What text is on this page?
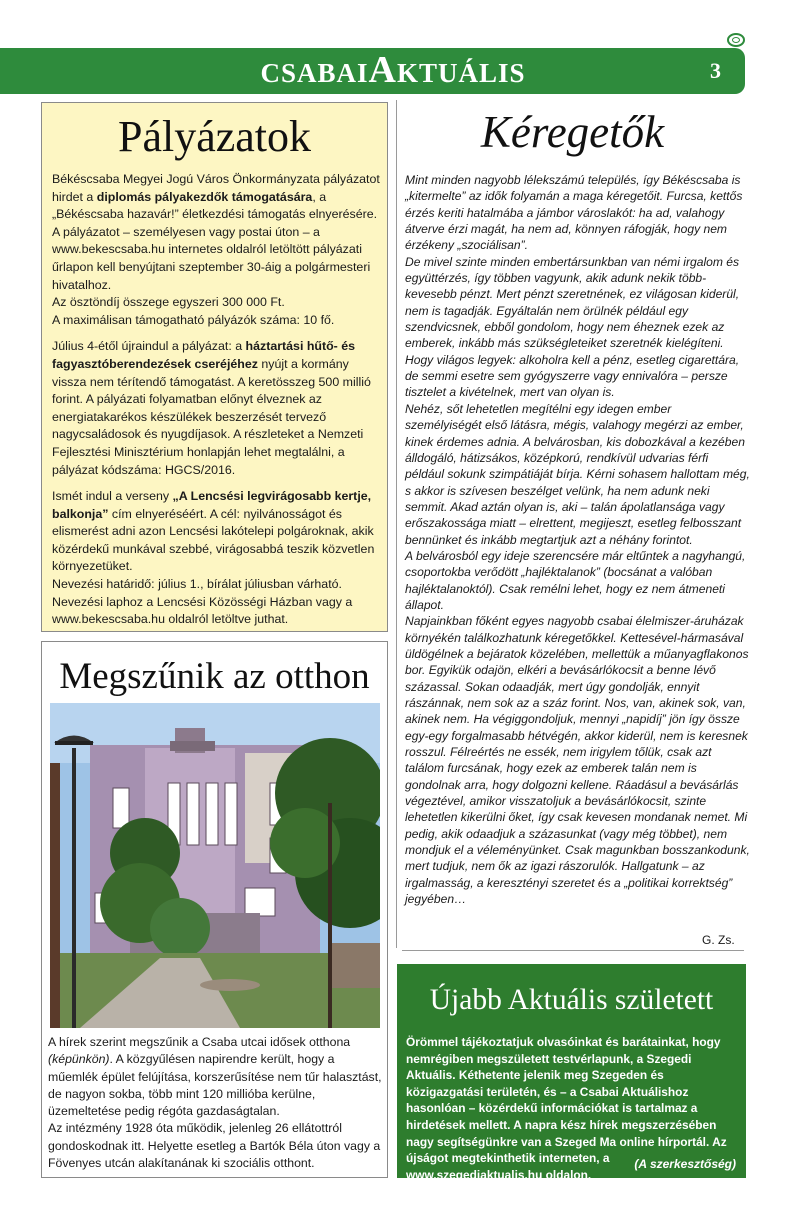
CSABAIAKTUÁLIS	3
Pályázatok

Békéscsaba Megyei Jogú Város Önkormányzata pályázatot hirdet a diplomás pályakezdők támogatására, a „Békéscsaba hazavár!” életkezdési támogatás elnyerésére. A pályázatot – személyesen vagy postai úton – a www.bekescsaba.hu internetes oldalról letöltött pályázati űrlapon kell benyújtani szeptember 30-áig a polgármesteri hivatalhoz.
Az ösztöndíj összege egyszeri 300 000 Ft.
A maximálisan támogatható pályázók száma: 10 fő.

Július 4-étől újraindul a pályázat: a háztartási hűtő- és fagyasztóberendezések cseréjéhez nyújt a kormány vissza nem térítendő támogatást. A keretösszeg 500 millió forint. A pályázati folyamatban előnyt élveznek az energiatakarékos készülékek beszerzését tervező nagycsaládosok és nyugdíjasok. A részleteket a Nemzeti Fejlesztési Minisztérium honlapján lehet megtalálni, a pályázat kódszáma: HGCS/2016.

Ismét indul a verseny „A Lencsési legvirágosabb kertje, balkonja” cím elnyeréséért. A cél: nyilvánosságot és elismerést adni azon Lencsési lakótelepi polgároknak, akik közérdekű munkával szebbé, virágosabbá teszik közvetlen környezetüket.
Nevezési határidő: július 1., bírálat júliusban várható. Nevezési laphoz a Lencsési Közösségi Házban vagy a www.bekescsaba.hu oldalról letöltve juthat.

Megszűnik az otthon
A hírek szerint megszűnik a Csaba utcai idősek otthona (képünkön). A közgyűlésen napirendre került, hogy a műemlék épület felújítása, korszerűsítése nem tűr halasztást, de nagyon sokba, több mint 120 millióba kerülne, üzemeltetése pedig régóta gazdaságtalan.
Az intézmény 1928 óta működik, jelenleg 26 ellátottról gondoskodnak itt. Helyette esetleg a Bartók Béla úton vagy a Fövenyes utcán alakítanának ki szociális otthont.
Kéregetők

Mint minden nagyobb lélekszámú település, így Békéscsaba is „kitermelte” az idők folyamán a maga kéregetőit. Furcsa, kettős érzés keriti hatalmába a jámbor városlakót: ha ad, valahogy átverve érzi magát, ha nem ad, könnyen ráfogják, hogy nem érzékeny „szociálisan”.

De mivel szinte minden embertársunkban van némi irgalom és együttérzés, így többen vagyunk, akik adunk nekik több-kevesebb pénzt. Mert pénzt szeretnének, ez világosan kiderül, nem is tagadják. Egyáltalán nem örülnék például egy szendvicsnek, ebből gondolom, hogy nem éheznek ezek az emberek, inkább más szükségleteiket szeretnék kielégíteni. Hogy világos legyek: alkoholra kell a pénz, esetleg cigarettára, de semmi esetre sem gyógyszerre vagy ennivalóra – persze tisztelet a kivételnek, mert van olyan is.

Nehéz, sőt lehetetlen megítélni egy idegen ember személyiségét első látásra, mégis, valahogy megérzi az ember, kinek érdemes adnia. A belvárosban, kis dobozkával a kezében álldogáló, hátizsákos, középkorú, rendkívül udvarias férfi például sokunk szimpátiáját bírja. Kérni sohasem hallottam még, s akkor is szívesen beszélget velünk, ha nem adunk neki semmit. Akad aztán olyan is, aki – talán ápolatlansága vagy erőszakossága miatt – elrettent, megijeszt, esetleg felbosszant bennünket és inkább megtartjuk azt a néhány forintot.

A belvárosból egy ideje szerencsére már eltűntek a nagyhangú, csoportokba verődött „hajléktalanok” (bocsánat a valóban hajléktalanoktól). Csak remélni lehet, hogy ez nem átmeneti állapot.

Napjainkban főként egyes nagyobb csabai élelmiszer-áruházak környékén találkozhatunk kéregetőkkel. Kettesével-hármasával üldögélnek a bejáratok közelében, mellettük a műanyagflakonos bor. Egyikük odajön, elkéri a bevásárlókocsit a benne lévő százassal. Sokan odaadják, mert úgy gondolják, ennyit rászánnak, nem sok az a száz forint. Nos, van, akinek sok, van, akinek nem. Ha végiggondoljuk, mennyi „napidíj” jön így össze egy-egy forgalmasabb hétvégén, akkor kiderül, nem is keresnek rosszul. Félreértés ne essék, nem irigylem tőlük, csak azt találom furcsának, hogy ezek az emberek talán nem is gondolnak arra, hogy dolgozni kellene. Ráadásul a bevásárlás végeztével, amikor visszatoljuk a bevásárlókocsit, szinte lehetetlen kikerülni őket, így csak kevesen mondanak nemet. Mi pedig, akik odaadjuk a százasunkat (vagy még többet), nem mondjuk el a véleményünket. Csak magunkban bosszankodunk, mert tudjuk, nem ők az igazi rászorulók. Hallgatunk – az irgalmasság, a keresztényi szeretet és a „politikai korrektség” jegyében…

G. Zs.
Újabb Aktuális született
Örömmel tájékoztatjuk olvasóinkat és barátainkat, hogy nemrégiben megszületett testvérlapunk, a Szegedi Aktuális. Kéthetente jelenik meg Szegeden és közigazgatási területén, és – a Csabai Aktuálishoz hasonlóan – közérdekű információkat is tartalmaz a hirdetések mellett. A napra kész hírek megszerzésében nagy segítségünkre van a Szeged Ma online hírportál. Az újságot megtekinthetik interneten, a www.szegediaktualis.hu oldalon.
(A szerkesztőség)
